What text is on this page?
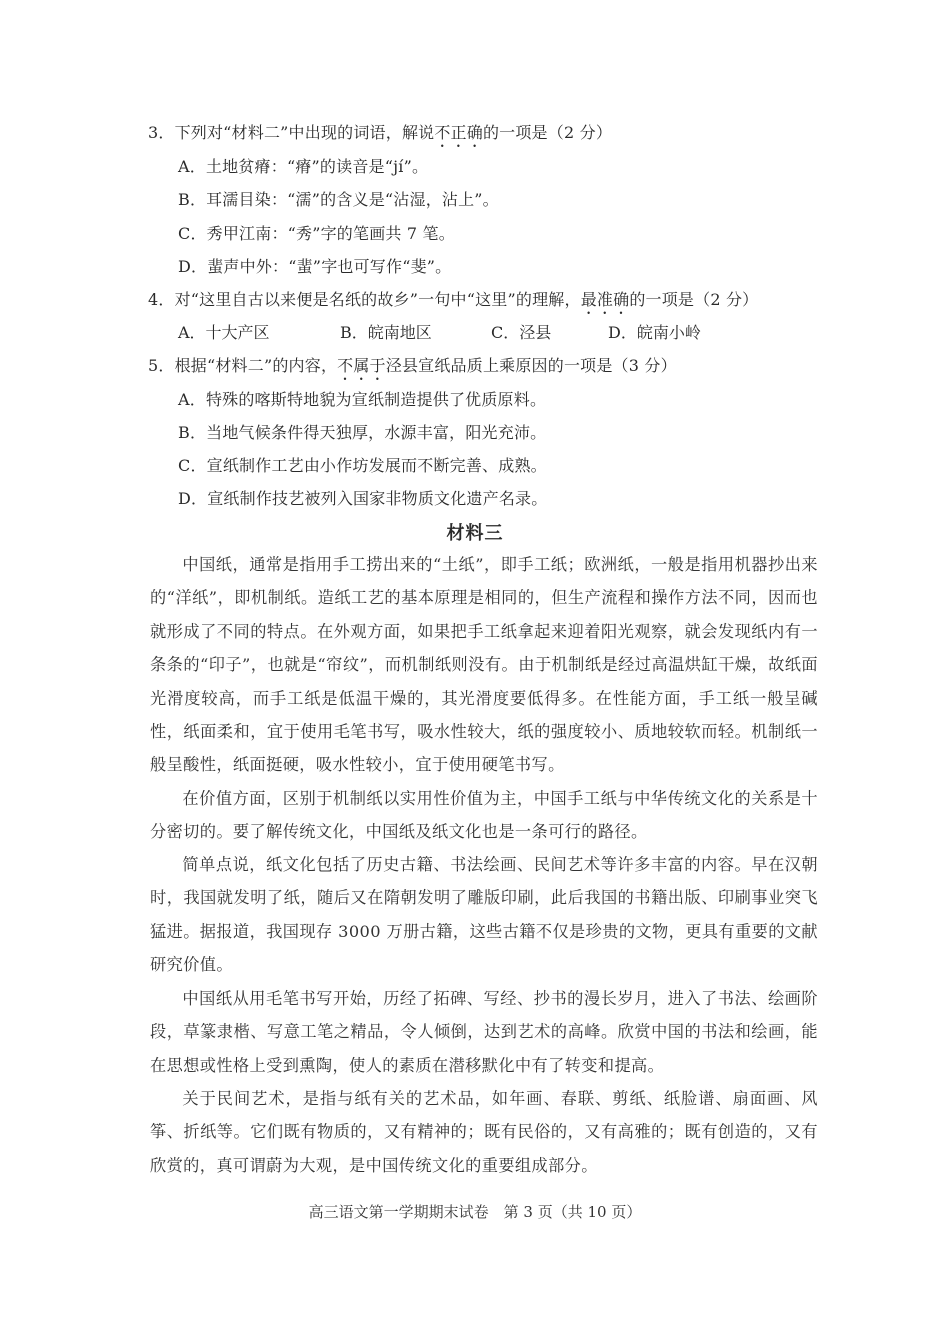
3．下列对“材料二”中出现的词语，解说不正确的一项是（2 分）
A．土地贫瘠：“瘠”的读音是“jí”。
B．耳濡目染：“濡”的含义是“沾湿，沾上”。
C．秀甲江南：“秀”字的笔画共 7 笔。
D．蜚声中外：“蜚”字也可写作“斐”。
4．对“这里自古以来便是名纸的故乡”一句中“这里”的理解，最准确的一项是（2 分）
A．十大产区	B．皖南地区	C．泾县	D．皖南小岭
5．根据“材料二”的内容，不属于泾县宣纸品质上乘原因的一项是（3 分）
A．特殊的喀斯特地貌为宣纸制造提供了优质原料。
B．当地气候条件得天独厚，水源丰富，阳光充沛。
C．宣纸制作工艺由小作坊发展而不断完善、成熟。
D．宣纸制作技艺被列入国家非物质文化遗产名录。
材料三
中国纸，通常是指用手工捞出来的“土纸”，即手工纸；欧洲纸，一般是指用机器抄出来的“洋纸”，即机制纸。造纸工艺的基本原理是相同的，但生产流程和操作方法不同，因而也就形成了不同的特点。在外观方面，如果把手工纸拿起来迎着阳光观察，就会发现纸内有一条条的“印子”，也就是“帘纹”，而机制纸则没有。由于机制纸是经过高温烘缸干燥，故纸面光滑度较高，而手工纸是低温干燥的，其光滑度要低得多。在性能方面，手工纸一般呈碱性，纸面柔和，宜于使用毛笔书写，吸水性较大，纸的强度较小、质地较软而轻。机制纸一般呈酸性，纸面挺硬，吸水性较小，宜于使用硬笔书写。
在价值方面，区别于机制纸以实用性价值为主，中国手工纸与中华传统文化的关系是十分密切的。要了解传统文化，中国纸及纸文化也是一条可行的路径。
简单点说，纸文化包括了历史古籍、书法绘画、民间艺术等许多丰富的内容。早在汉朝时，我国就发明了纸，随后又在隋朝发明了雕版印刷，此后我国的书籍出版、印刷事业突飞猛进。据报道，我国现存 3000 万册古籍，这些古籍不仅是珍贵的文物，更具有重要的文献研究价值。
中国纸从用毛笔书写开始，历经了拓碑、写经、抄书的漫长岁月，进入了书法、绘画阶段，草篆隶楷、写意工笔之精品，令人倾倒，达到艺术的高峰。欣赏中国的书法和绘画，能在思想或性格上受到熏陶，使人的素质在潜移默化中有了转变和提高。
关于民间艺术，是指与纸有关的艺术品，如年画、春联、剪纸、纸脸谱、扇面画、风筝、折纸等。它们既有物质的，又有精神的；既有民俗的，又有高雅的；既有创造的，又有欣赏的，真可谓蔚为大观，是中国传统文化的重要组成部分。
高三语文第一学期期末试卷　第 3 页（共 10 页）
